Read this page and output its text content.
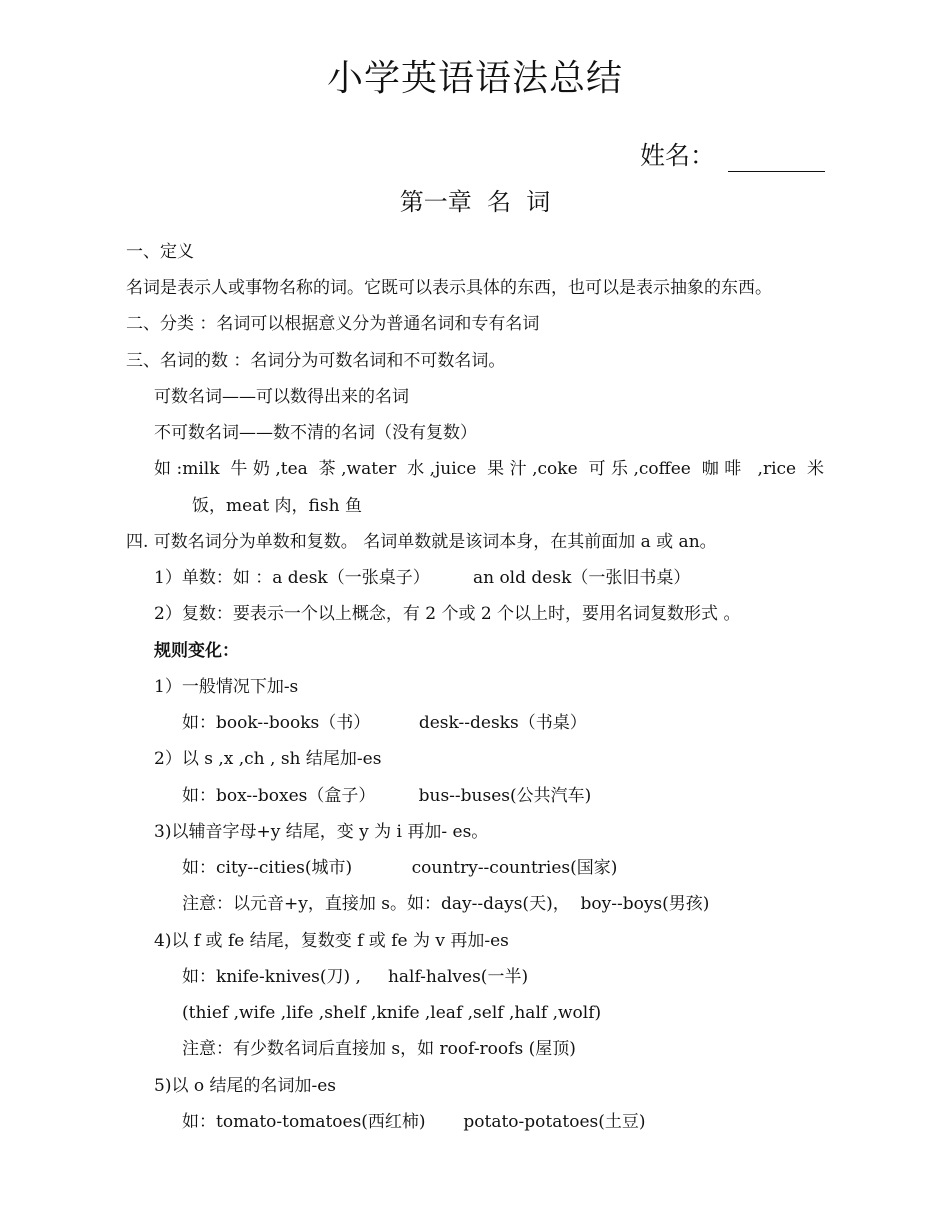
小学英语语法总结
姓名：
第一章  名  词
一、定义
名词是表示人或事物名称的词。它既可以表示具体的东西，也可以是表示抽象的东西。
二、分类 ：名词可以根据意义分为普通名词和专有名词
三、名词的数 ：名词分为可数名词和不可数名词。
可数名词——可以数得出来的名词
不可数名词——数不清的名词（没有复数）
如:milk 牛奶,tea 茶,water 水,juice 果汁,coke 可乐,coffee 咖啡 ,rice 米
饭，meat 肉，fish 鱼
四. 可数名词分为单数和复数。 名词单数就是该词本身，在其前面加 a 或 an。
1）单数：如 ：a desk（一张桌子）        an old desk（一张旧书桌）
2）复数：要表示一个以上概念，有 2 个或 2 个以上时，要用名词复数形式 。
规则变化：
1）一般情况下加-s
如：book--books（书）         desk--desks（书桌）
2）以 s ,x ,ch , sh 结尾加-es
如：box--boxes（盒子）        bus--buses(公共汽车)
3)以辅音字母+y 结尾，变 y 为 i 再加- es。
如：city--cities(城市)           country--countries(国家)
注意：以元音+y，直接加 s。如：day--days(天)，  boy--boys(男孩)
4)以 f 或 fe 结尾，复数变 f 或 fe 为 v 再加-es
如：knife-knives(刀) ,     half-halves(一半)
(thief ,wife ,life ,shelf ,knife ,leaf ,self ,half ,wolf)
注意：有少数名词后直接加 s，如 roof-roofs (屋顶)
5)以 o 结尾的名词加-es
如：tomato-tomatoes(西红柿)       potato-potatoes(土豆)
